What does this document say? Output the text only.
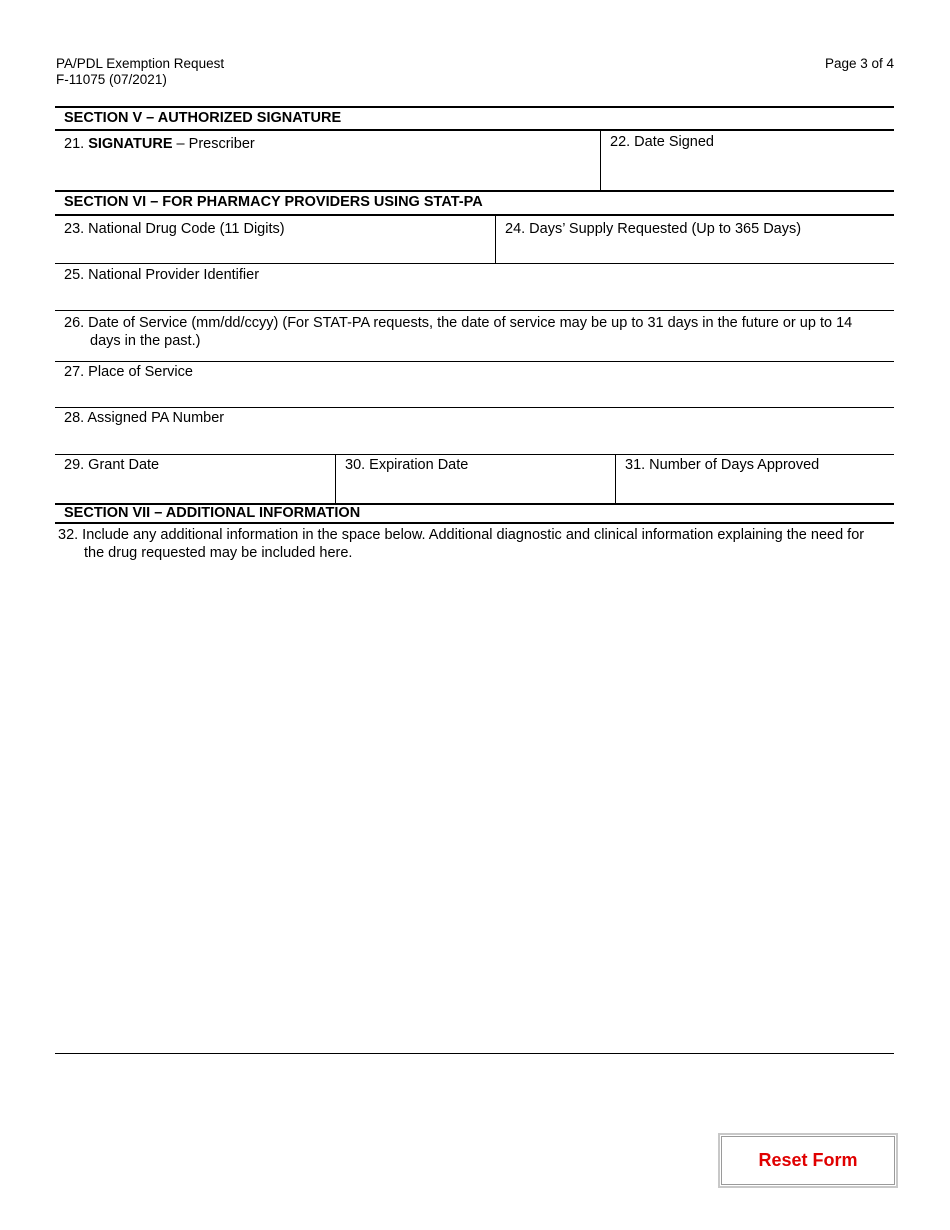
PA/PDL Exemption Request
F-11075 (07/2021)
Page 3 of 4
SECTION V – AUTHORIZED SIGNATURE
21. SIGNATURE – Prescriber	22. Date Signed
SECTION VI – FOR PHARMACY PROVIDERS USING STAT-PA
23. National Drug Code (11 Digits)	24. Days’ Supply Requested (Up to 365 Days)
25. National Provider Identifier
26. Date of Service (mm/dd/ccyy) (For STAT-PA requests, the date of service may be up to 31 days in the future or up to 14 days in the past.)
27. Place of Service
28. Assigned PA Number
29. Grant Date	30. Expiration Date	31. Number of Days Approved
SECTION VII – ADDITIONAL INFORMATION
32. Include any additional information in the space below. Additional diagnostic and clinical information explaining the need for the drug requested may be included here.
Reset Form
